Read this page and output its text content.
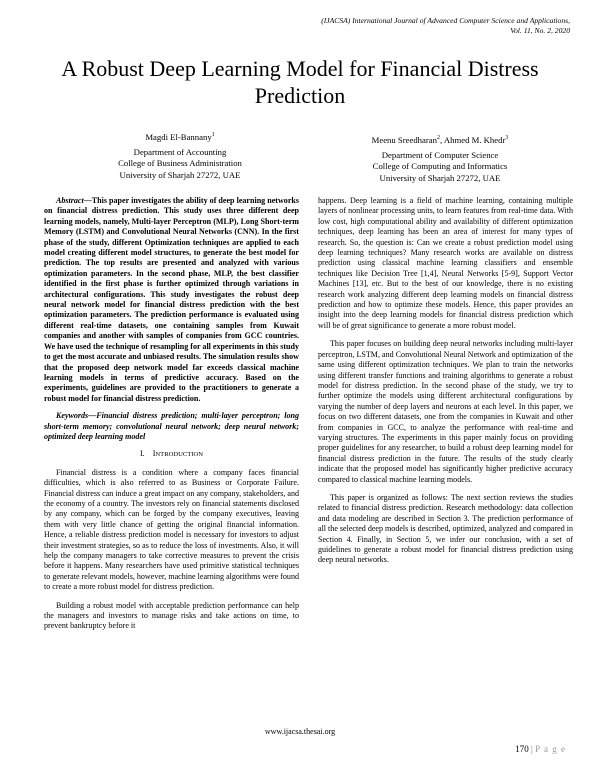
(IJACSA) International Journal of Advanced Computer Science and Applications,
Vol. 11, No. 2, 2020
A Robust Deep Learning Model for Financial Distress Prediction
Magdi El-Bannany$^1$
Department of Accounting
College of Business Administration
University of Sharjah 27272, UAE
Meenu Sreedharan$^2$, Ahmed M. Khedr$^3$
Department of Computer Science
College of Computing and Informatics
University of Sharjah 27272, UAE

Abstract—This paper investigates the ability of deep learning networks on financial distress prediction. This study uses three different deep learning models, namely, Multi-layer Perceptron (MLP), Long Short-term Memory (LSTM) and Convolutional Neural Networks (CNN). In the first phase of the study, different Optimization techniques are applied to each model creating different model structures, to generate the best model for prediction. The top results are presented and analyzed with various optimization parameters. In the second phase, MLP, the best classifier identified in the first phase is further optimized through variations in architectural configurations. This study investigates the robust deep neural network model for financial distress prediction with the best optimization parameters. The prediction performance is evaluated using different real-time datasets, one containing samples from Kuwait companies and another with samples of companies from GCC countries. We have used the technique of resampling for all experiments in this study to get the most accurate and unbiased results. The simulation results show that the proposed deep network model far exceeds classical machine learning models in terms of predictive accuracy. Based on the experiments, guidelines are provided to the practitioners to generate a robust model for financial distress prediction.

Keywords—Financial distress prediction; multi-layer perceptron; long short-term memory; convolutional neural network; deep neural network; optimized deep learning model

I. INTRODUCTION

Financial distress is a condition where a company faces financial difficulties, which is also referred to as Business or Corporate Failure. Financial distress can induce a great impact on any company, stakeholders, and the economy of a country. The investors rely on financial statements disclosed by any company, which can be forged by the company executives, leaving them with very little chance of getting the original financial information. Hence, a reliable distress prediction model is necessary for investors to adjust their investment strategies, so as to reduce the loss of investments. Also, it will help the company managers to take corrective measures to prevent the crisis before it happens. Many researchers have used primitive statistical techniques to generate relevant models, however, machine learning algorithms were found to create a more robust model for distress prediction.

Building a robust model with acceptable prediction performance can help the managers and investors to manage risks and take actions on time, to prevent bankruptcy before it

happens. Deep learning is a field of machine learning, containing multiple layers of nonlinear processing units, to learn features from real-time data. With low cost, high computational ability and availability of different optimization techniques, deep learning has been an area of interest for many types of research. So, the question is: Can we create a robust prediction model using deep learning techniques? Many research works are available on distress prediction using classical machine learning classifiers and ensemble techniques like Decision Tree [1,4], Neural Networks [5-9], Support Vector Machines [13], etc. But to the best of our knowledge, there is no existing research work analyzing different deep learning models on financial distress prediction and how to optimize these models. Hence, this paper provides an insight into the deep learning models for financial distress prediction which will be of great significance to generate a more robust model.

This paper focuses on building deep neural networks including multi-layer perceptron, LSTM, and Convolutional Neural Network and optimization of the same using different optimization techniques. We plan to train the networks using different transfer functions and training algorithms to generate a robust model for distress prediction. In the second phase of the study, we try to further optimize the models using different architectural configurations by varying the number of deep layers and neurons at each level. In this paper, we focus on two different datasets, one from the companies in Kuwait and other from companies in GCC, to analyze the performance with real-time and varying structures. The experiments in this paper mainly focus on providing proper guidelines for any researcher, to build a robust deep learning model for financial distress prediction in the future. The results of the study clearly indicate that the proposed model has significantly higher predictive accuracy compared to classical machine learning models.

This paper is organized as follows: The next section reviews the studies related to financial distress prediction. Research methodology: data collection and data modeling are described in Section 3. The prediction performance of all the selected deep models is described, optimized, analyzed and compared in Section 4. Finally, in Section 5, we infer our conclusion, with a set of guidelines to generate a robust model for financial distress prediction using deep neural networks.

www.ijacsa.thesai.org
170 | P a g e
